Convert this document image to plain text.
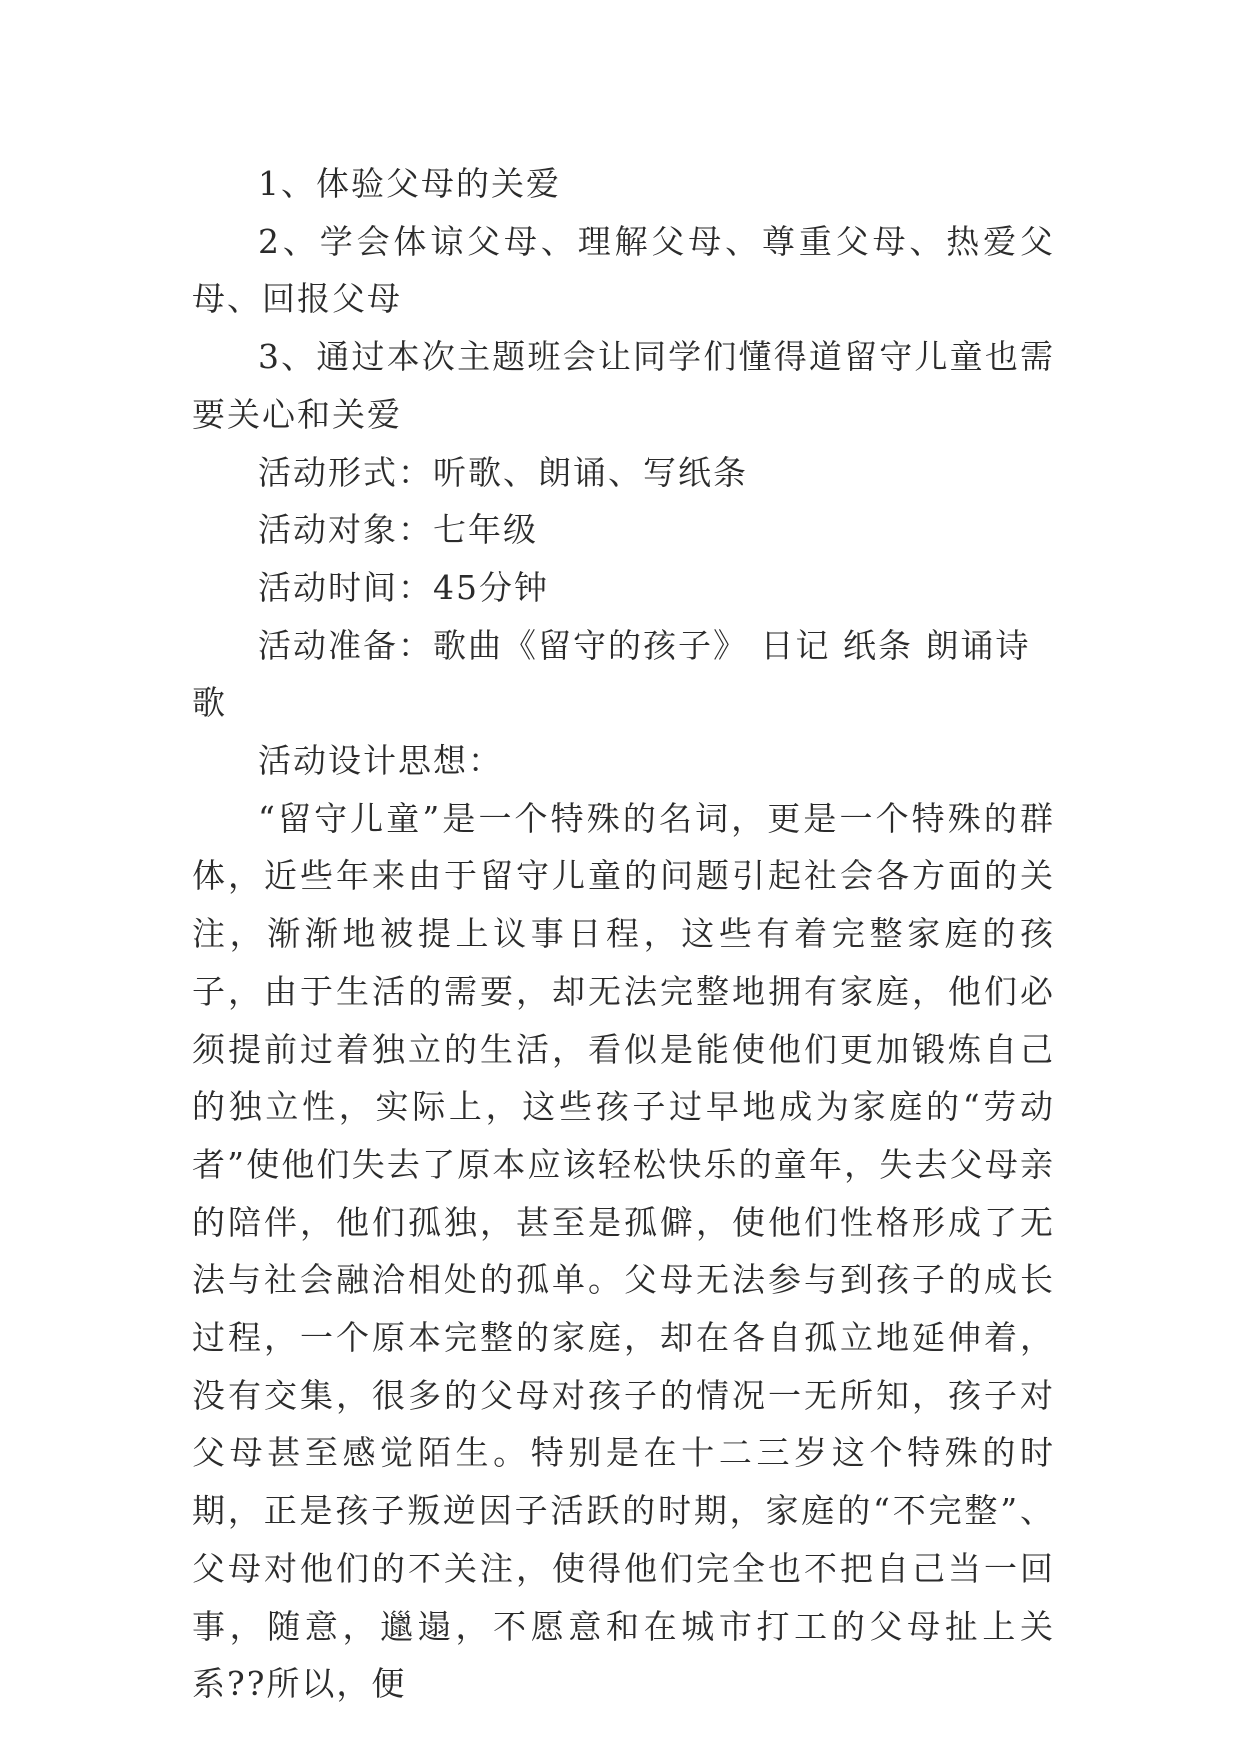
1、体验父母的关爱

2、学会体谅父母、理解父母、尊重父母、热爱父母、回报父母

3、通过本次主题班会让同学们懂得道留守儿童也需要关心和关爱

活动形式：听歌、朗诵、写纸条

活动对象：七年级

活动时间：45分钟

活动准备：歌曲《留守的孩子》 日记 纸条 朗诵诗歌

活动设计思想：

“留守儿童”是一个特殊的名词，更是一个特殊的群体，近些年来由于留守儿童的问题引起社会各方面的关注，渐渐地被提上议事日程，这些有着完整家庭的孩子，由于生活的需要，却无法完整地拥有家庭，他们必须提前过着独立的生活，看似是能使他们更加锻炼自己的独立性，实际上，这些孩子过早地成为家庭的“劳动者”使他们失去了原本应该轻松快乐的童年，失去父母亲的陪伴，他们孤独，甚至是孤僻，使他们性格形成了无法与社会融洽相处的孤单。父母无法参与到孩子的成长过程，一个原本完整的家庭，却在各自孤立地延伸着，没有交集，很多的父母对孩子的情况一无所知，孩子对父母甚至感觉陌生。特别是在十二三岁这个特殊的时期，正是孩子叛逆因子活跃的时期，家庭的“不完整”、父母对他们的不关注，使得他们完全也不把自己当一回事，随意，邋遢，不愿意和在城市打工的父母扯上关系??所以，便
